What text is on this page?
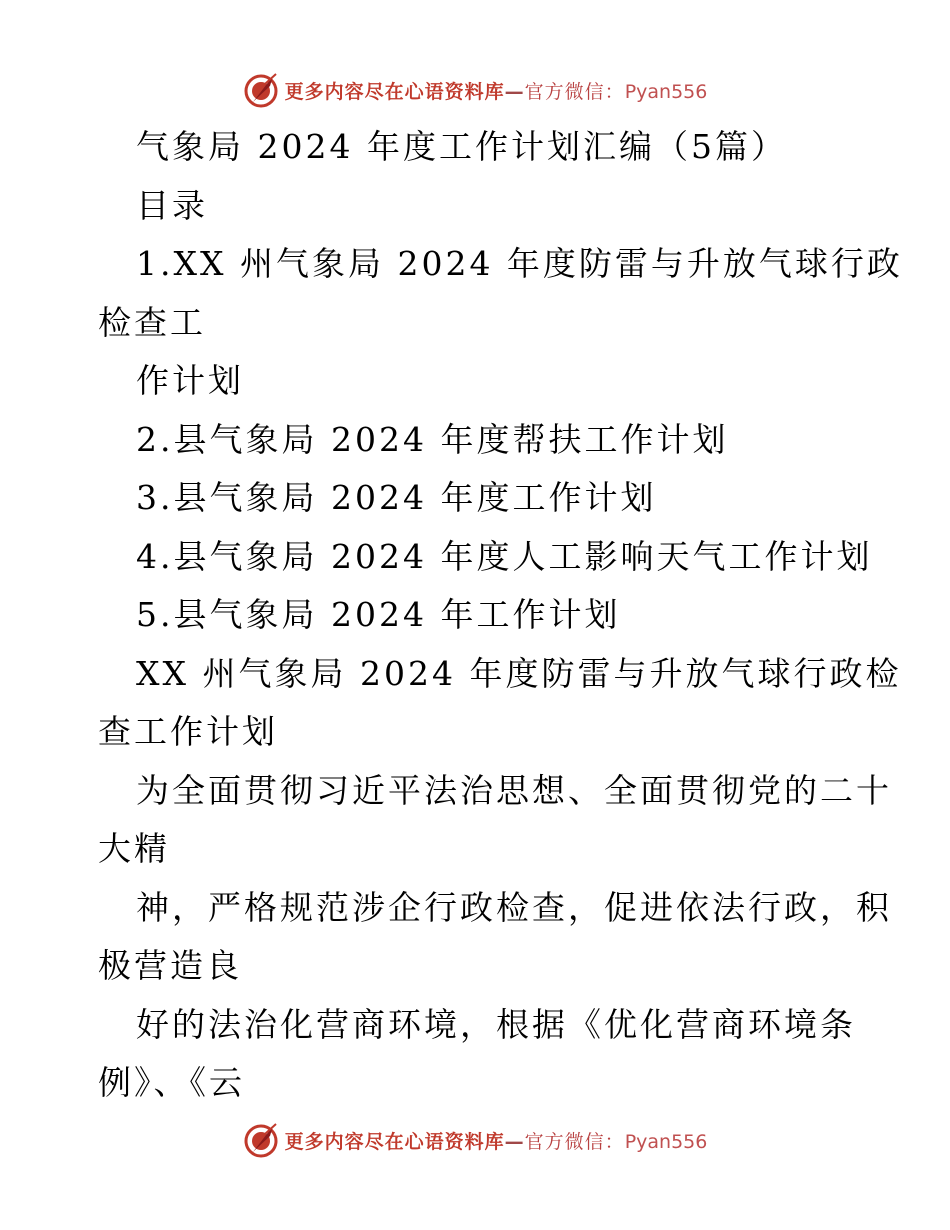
更多内容尽在心语资料库—官方微信：Pyan556
气象局 2024 年度工作计划汇编（5篇）
目录
1.XX 州气象局 2024 年度防雷与升放气球行政
检查工
作计划
2.县气象局 2024 年度帮扶工作计划
3.县气象局 2024 年度工作计划
4.县气象局 2024 年度人工影响天气工作计划
5.县气象局 2024 年工作计划
XX 州气象局 2024 年度防雷与升放气球行政检
查工作计划
为全面贯彻习近平法治思想、全面贯彻党的二十
大精
神，严格规范涉企行政检查，促进依法行政，积
极营造良
好的法治化营商环境，根据《优化营商环境条
例》、《云
更多内容尽在心语资料库—官方微信：Pyan556
